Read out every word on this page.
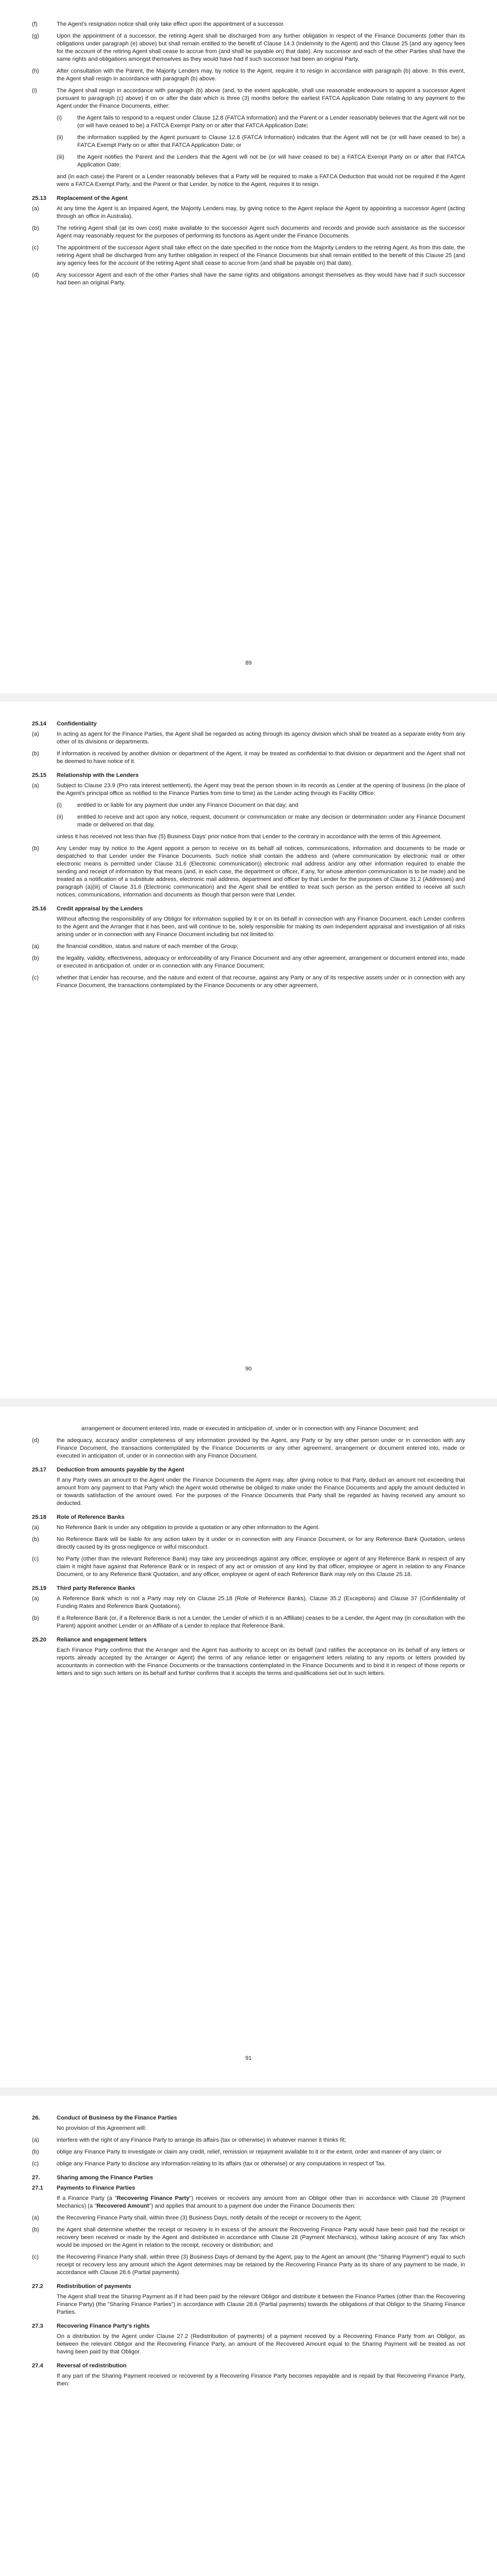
(f)	The Agent's resignation notice shall only take effect upon the appointment of a successor.
(g)	Upon the appointment of a successor, the retiring Agent shall be discharged from any further obligation in respect of the Finance Documents (other than its obligations under paragraph (e) above) but shall remain entitled to the benefit of Clause 14.3 (Indemnity to the Agent) and this Clause 25 (and any agency fees for the account of the retiring Agent shall cease to accrue from (and shall be payable on) that date). Any successor and each of the other Parties shall have the same rights and obligations amongst themselves as they would have had if such successor had been an original Party.
(h)	After consultation with the Parent, the Majority Lenders may, by notice to the Agent, require it to resign in accordance with paragraph (b) above. In this event, the Agent shall resign in accordance with paragraph (b) above.
(i)	The Agent shall resign in accordance with paragraph (b) above (and, to the extent applicable, shall use reasonable endeavours to appoint a successor Agent pursuant to paragraph (c) above) if on or after the date which is three (3) months before the earliest FATCA Application Date relating to any payment to the Agent under the Finance Documents, either:
(i)	the Agent fails to respond to a request under Clause 12.8 (FATCA Information) and the Parent or a Lender reasonably believes that the Agent will not be (or will have ceased to be) a FATCA Exempt Party on or after that FATCA Application Date;
(ii)	the information supplied by the Agent pursuant to Clause 12.8 (FATCA Information) indicates that the Agent will not be (or will have ceased to be) a FATCA Exempt Party on or after that FATCA Application Date; or
(iii)	the Agent notifies the Parent and the Lenders that the Agent will not be (or will have ceased to be) a FATCA Exempt Party on or after that FATCA Application Date;
and (in each case) the Parent or a Lender reasonably believes that a Party will be required to make a FATCA Deduction that would not be required if the Agent were a FATCA Exempt Party, and the Parent or that Lender, by notice to the Agent, requires it to resign.
25.13	Replacement of the Agent
(a)	At any time the Agent is an Impaired Agent, the Majority Lenders may, by giving notice to the Agent replace the Agent by appointing a successor Agent (acting through an office in Australia).
(b)	The retiring Agent shall (at its own cost) make available to the successor Agent such documents and records and provide such assistance as the successor Agent may reasonably request for the purposes of performing its functions as Agent under the Finance Documents.
(c)	The appointment of the successor Agent shall take effect on the date specified in the notice from the Majority Lenders to the retiring Agent. As from this date, the retiring Agent shall be discharged from any further obligation in respect of the Finance Documents but shall remain entitled to the benefit of this Clause 25 (and any agency fees for the account of the retiring Agent shall cease to accrue from (and shall be payable on) that date).
(d)	Any successor Agent and each of the other Parties shall have the same rights and obligations amongst themselves as they would have had if such successor had been an original Party.
89
25.14	Confidentiality
(a)	In acting as agent for the Finance Parties, the Agent shall be regarded as acting through its agency division which shall be treated as a separate entity from any other of its divisions or departments.
(b)	If information is received by another division or department of the Agent, it may be treated as confidential to that division or department and the Agent shall not be deemed to have notice of it.
25.15	Relationship with the Lenders
(a)	Subject to Clause 23.9 (Pro rata interest settlement), the Agent may treat the person shown in its records as Lender at the opening of business (in the place of the Agent's principal office as notified to the Finance Parties from time to time) as the Lender acting through its Facility Office:
(i)	entitled to or liable for any payment due under any Finance Document on that day; and
(ii)	entitled to receive and act upon any notice, request, document or communication or make any decision or determination under any Finance Document made or delivered on that day,
unless it has received not less than five (5) Business Days' prior notice from that Lender to the contrary in accordance with the terms of this Agreement.
(b)	Any Lender may by notice to the Agent appoint a person to receive on its behalf all notices, communications, information and documents to be made or despatched to that Lender under the Finance Documents. Such notice shall contain the address and (where communication by electronic mail or other electronic means is permitted under Clause 31.6 (Electronic communication)) electronic mail address and/or any other information required to enable the sending and receipt of information by that means (and, in each case, the department or officer, if any, for whose attention communication is to be made) and be treated as a notification of a substitute address, electronic mail address, department and officer by that Lender for the purposes of Clause 31.2 (Addresses) and paragraph (a)(iii) of Clause 31.6 (Electronic communication) and the Agent shall be entitled to treat such person as the person entitled to receive all such notices, communications, information and documents as though that person were that Lender.
25.16	Credit appraisal by the Lenders
Without affecting the responsibility of any Obligor for information supplied by it or on its behalf in connection with any Finance Document, each Lender confirms to the Agent and the Arranger that it has been, and will continue to be, solely responsible for making its own independent appraisal and investigation of all risks arising under or in connection with any Finance Document including but not limited to:
(a)	the financial condition, status and nature of each member of the Group;
(b)	the legality, validity, effectiveness, adequacy or enforceability of any Finance Document and any other agreement, arrangement or document entered into, made or executed in anticipation of, under or in connection with any Finance Document;
(c)	whether that Lender has recourse, and the nature and extent of that recourse, against any Party or any of its respective assets under or in connection with any Finance Document, the transactions contemplated by the Finance Documents or any other agreement,
90
arrangement or document entered into, made or executed in anticipation of, under or in connection with any Finance Document; and
(d)	the adequacy, accuracy and/or completeness of any information provided by the Agent, any Party or by any other person under or in connection with any Finance Document, the transactions contemplated by the Finance Documents or any other agreement, arrangement or document entered into, made or executed in anticipation of, under or in connection with any Finance Document.
25.17	Deduction from amounts payable by the Agent
If any Party owes an amount to the Agent under the Finance Documents the Agent may, after giving notice to that Party, deduct an amount not exceeding that amount from any payment to that Party which the Agent would otherwise be obliged to make under the Finance Documents and apply the amount deducted in or towards satisfaction of the amount owed. For the purposes of the Finance Documents that Party shall be regarded as having received any amount so deducted.
25.18	Role of Reference Banks
(a)	No Reference Bank is under any obligation to provide a quotation or any other information to the Agent.
(b)	No Reference Bank will be liable for any action taken by it under or in connection with any Finance Document, or for any Reference Bank Quotation, unless directly caused by its gross negligence or wilful misconduct.
(c)	No Party (other than the relevant Reference Bank) may take any proceedings against any officer, employee or agent of any Reference Bank in respect of any claim it might have against that Reference Bank or in respect of any act or omission of any kind by that officer, employee or agent in relation to any Finance Document, or to any Reference Bank Quotation, and any officer, employee or agent of each Reference Bank may rely on this Clause 25.18.
25.19	Third party Reference Banks
(a)	A Reference Bank which is not a Party may rely on Clause 25.18 (Role of Reference Banks), Clause 35.2 (Exceptions) and Clause 37 (Confidentiality of Funding Rates and Reference Bank Quotations).
(b)	If a Reference Bank (or, if a Reference Bank is not a Lender, the Lender of which it is an Affiliate) ceases to be a Lender, the Agent may (in consultation with the Parent) appoint another Lender or an Affiliate of a Lender to replace that Reference Bank.
25.20	Reliance and engagement letters
Each Finance Party confirms that the Arranger and the Agent has authority to accept on its behalf (and ratifies the acceptance on its behalf of any letters or reports already accepted by the Arranger or Agent) the terms of any reliance letter or engagement letters relating to any reports or letters provided by accountants in connection with the Finance Documents or the transactions contemplated in the Finance Documents and to bind it in respect of those reports or letters and to sign such letters on its behalf and further confirms that it accepts the terms and qualifications set out in such letters.
91
26.	Conduct of Business by the Finance Parties
No provision of this Agreement will:
(a)	interfere with the right of any Finance Party to arrange its affairs (tax or otherwise) in whatever manner it thinks fit;
(b)	oblige any Finance Party to investigate or claim any credit, relief, remission or repayment available to it or the extent, order and manner of any claim; or
(c)	oblige any Finance Party to disclose any information relating to its affairs (tax or otherwise) or any computations in respect of Tax.
27.	Sharing among the Finance Parties
27.1	Payments to Finance Parties
If a Finance Party (a "Recovering Finance Party") receives or recovers any amount from an Obligor other than in accordance with Clause 28 (Payment Mechanics) (a "Recovered Amount") and applies that amount to a payment due under the Finance Documents then:
(a)	the Recovering Finance Party shall, within three (3) Business Days, notify details of the receipt or recovery to the Agent;
(b)	the Agent shall determine whether the receipt or recovery is in excess of the amount the Recovering Finance Party would have been paid had the receipt or recovery been received or made by the Agent and distributed in accordance with Clause 28 (Payment Mechanics), without taking account of any Tax which would be imposed on the Agent in relation to the receipt, recovery or distribution; and
(c)	the Recovering Finance Party shall, within three (3) Business Days of demand by the Agent, pay to the Agent an amount (the "Sharing Payment") equal to such receipt or recovery less any amount which the Agent determines may be retained by the Recovering Finance Party as its share of any payment to be made, in accordance with Clause 28.6 (Partial payments).
27.2	Redistribution of payments
The Agent shall treat the Sharing Payment as if it had been paid by the relevant Obligor and distribute it between the Finance Parties (other than the Recovering Finance Party) (the "Sharing Finance Parties") in accordance with Clause 28.6 (Partial payments) towards the obligations of that Obligor to the Sharing Finance Parties.
27.3	Recovering Finance Party's rights
On a distribution by the Agent under Clause 27.2 (Redistribution of payments) of a payment received by a Recovering Finance Party from an Obligor, as between the relevant Obligor and the Recovering Finance Party, an amount of the Recovered Amount equal to the Sharing Payment will be treated as not having been paid by that Obligor.
27.4	Reversal of redistribution
If any part of the Sharing Payment received or recovered by a Recovering Finance Party becomes repayable and is repaid by that Recovering Finance Party, then:
